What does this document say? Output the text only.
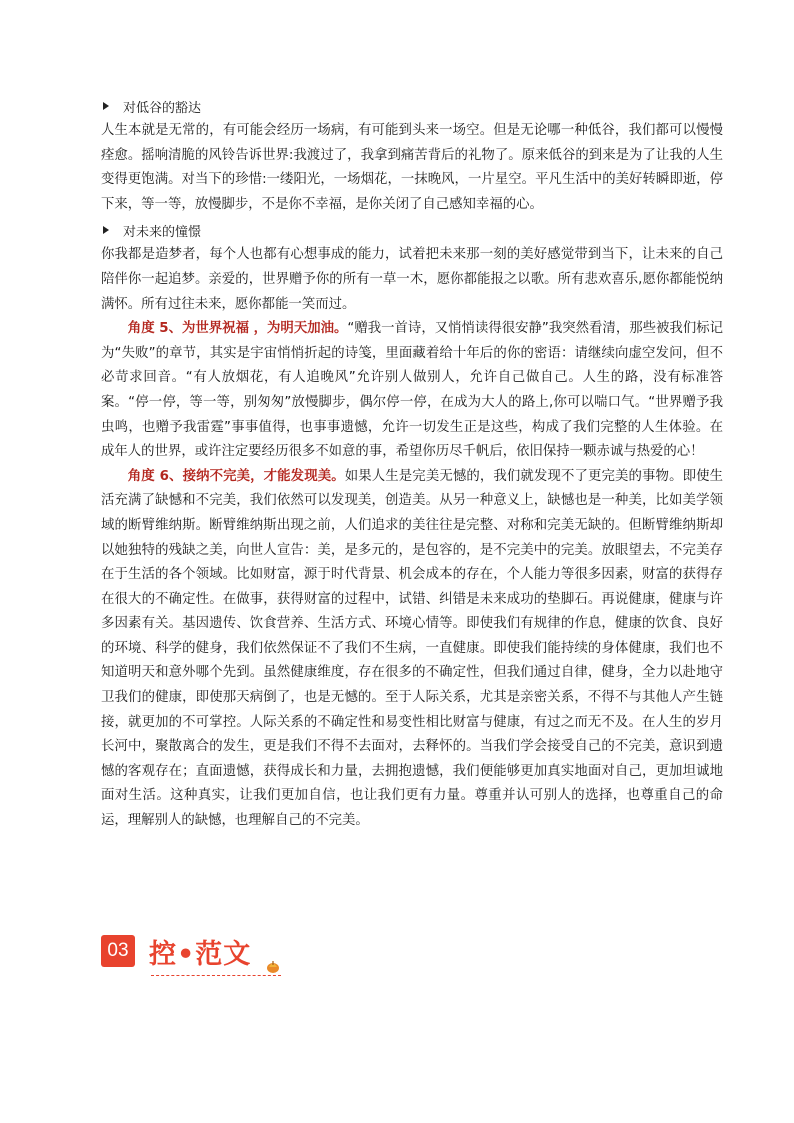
对低谷的豁达

人生本就是无常的，有可能会经历一场病，有可能到头来一场空。但是无论哪一种低谷，我们都可以慢慢痊愈。摇响清脆的风铃告诉世界:我渡过了，我拿到痛苦背后的礼物了。原来低谷的到来是为了让我的人生变得更饱满。对当下的珍惜:一缕阳光，一场烟花，一抹晚风，一片星空。平凡生活中的美好转瞬即逝，停下来，等一等，放慢脚步，不是你不幸福，是你关闭了自己感知幸福的心。

对未来的憧憬

你我都是造梦者，每个人也都有心想事成的能力，试着把未来那一刻的美好感觉带到当下，让未来的自己陪伴你一起追梦。亲爱的，世界赠予你的所有一草一木，愿你都能报之以歌。所有悲欢喜乐,愿你都能悦纳满怀。所有过往未来，愿你都能一笑而过。

角度 5、为世界祝福 ，为明天加油。“赠我一首诗，又悄悄读得很安静”我突然看清，那些被我们标记为“失败”的章节，其实是宇宙悄悄折起的诗笺，里面藏着给十年后的你的密语：请继续向虚空发问，但不必苛求回音。“有人放烟花，有人追晚风”允许别人做别人，允许自己做自己。人生的路，没有标准答案。“停一停，等一等，别匆匆”放慢脚步，偶尔停一停，在成为大人的路上,你可以喘口气。“世界赠予我虫鸣，也赠予我雷霆”事事值得，也事事遗憾，允许一切发生正是这些，构成了我们完整的人生体验。在成年人的世界，或许注定要经历很多不如意的事，希望你历尽千帆后，依旧保持一颗赤诚与热爱的心！

角度 6、接纳不完美，才能发现美。如果人生是完美无憾的，我们就发现不了更完美的事物。即使生活充满了缺憾和不完美，我们依然可以发现美，创造美。从另一种意义上，缺憾也是一种美，比如美学领域的断臂维纳斯。断臂维纳斯出现之前，人们追求的美往往是完整、对称和完美无缺的。但断臂维纳斯却以她独特的残缺之美，向世人宣告：美，是多元的，是包容的，是不完美中的完美。放眼望去，不完美存在于生活的各个领域。比如财富，源于时代背景、机会成本的存在，个人能力等很多因素，财富的获得存在很大的不确定性。在做事，获得财富的过程中，试错、纠错是未来成功的垫脚石。再说健康，健康与许多因素有关。基因遗传、饮食营养、生活方式、环境心情等。即使我们有规律的作息，健康的饮食、良好的环境、科学的健身，我们依然保证不了我们不生病，一直健康。即使我们能持续的身体健康，我们也不知道明天和意外哪个先到。虽然健康维度，存在很多的不确定性，但我们通过自律，健身，全力以赴地守卫我们的健康，即使那天病倒了，也是无憾的。至于人际关系，尤其是亲密关系，不得不与其他人产生链接，就更加的不可掌控。人际关系的不确定性和易变性相比财富与健康，有过之而无不及。在人生的岁月长河中，聚散离合的发生，更是我们不得不去面对，去释怀的。当我们学会接受自己的不完美，意识到遗憾的客观存在；直面遗憾，获得成长和力量，去拥抱遗憾，我们便能够更加真实地面对自己，更加坦诚地面对生活。这种真实，让我们更加自信，也让我们更有力量。尊重并认可别人的选择，也尊重自己的命运，理解别人的缺憾，也理解自己的不完美。

03 控•范文
